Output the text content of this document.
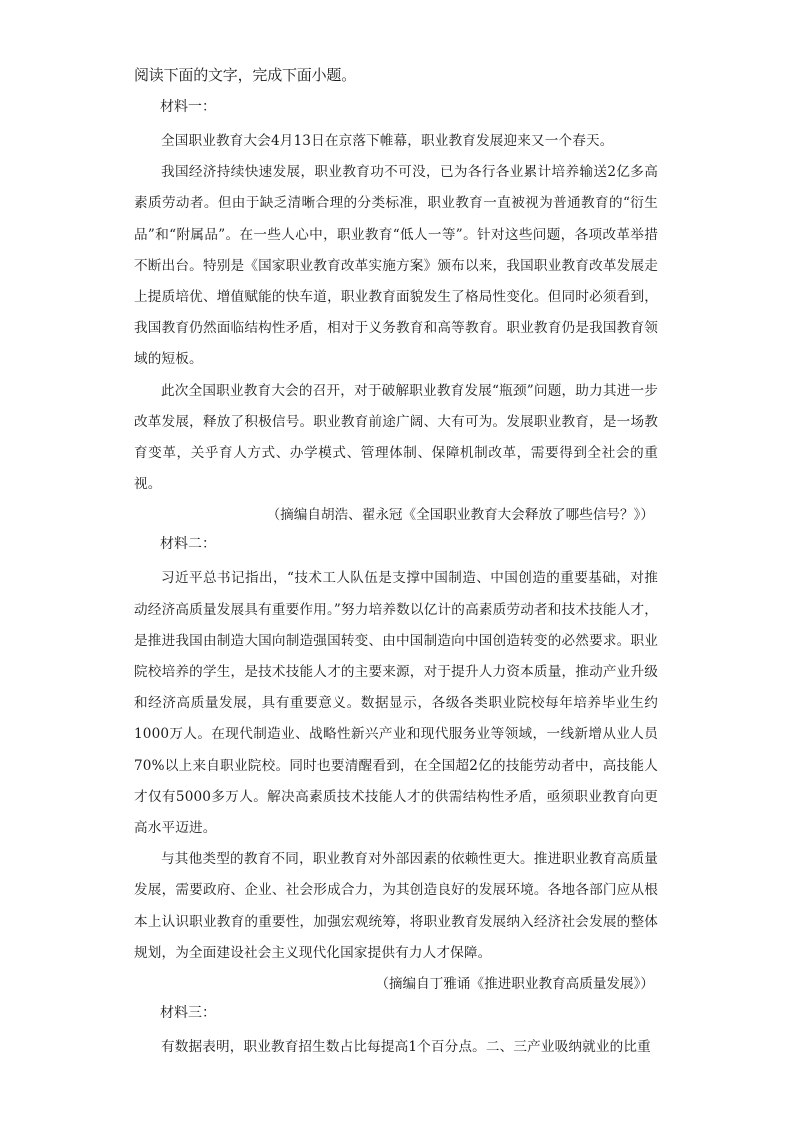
阅读下面的文字，完成下面小题。
材料一：

全国职业教育大会4月13日在京落下帷幕，职业教育发展迎来又一个春天。

我国经济持续快速发展，职业教育功不可没，已为各行各业累计培养输送2亿多高素质劳动者。但由于缺乏清晰合理的分类标准，职业教育一直被视为普通教育的“衍生品”和“附属品”。在一些人心中，职业教育“低人一等”。针对这些问题，各项改革举措不断出台。特别是《国家职业教育改革实施方案》颁布以来，我国职业教育改革发展走上提质培优、增值赋能的快车道，职业教育面貌发生了格局性变化。但同时必须看到，我国教育仍然面临结构性矛盾，相对于义务教育和高等教育。职业教育仍是我国教育领域的短板。

此次全国职业教育大会的召开，对于破解职业教育发展“瓶颈”问题，助力其进一步改革发展，释放了积极信号。职业教育前途广阔、大有可为。发展职业教育，是一场教育变革，关乎育人方式、办学模式、管理体制、保障机制改革，需要得到全社会的重视。

（摘编自胡浩、翟永冠《全国职业教育大会释放了哪些信号？》）
材料二：

习近平总书记指出，“技术工人队伍是支撑中国制造、中国创造的重要基础，对推动经济高质量发展具有重要作用。”努力培养数以亿计的高素质劳动者和技术技能人才，是推进我国由制造大国向制造强国转变、由中国制造向中国创造转变的必然要求。职业院校培养的学生，是技术技能人才的主要来源，对于提升人力资本质量，推动产业升级和经济高质量发展，具有重要意义。数据显示，各级各类职业院校每年培养毕业生约1000万人。在现代制造业、战略性新兴产业和现代服务业等领域，一线新增从业人员70%以上来自职业院校。同时也要清醒看到，在全国超2亿的技能劳动者中，高技能人才仅有5000多万人。解决高素质技术技能人才的供需结构性矛盾，亟须职业教育向更高水平迈进。

与其他类型的教育不同，职业教育对外部因素的依赖性更大。推进职业教育高质量发展，需要政府、企业、社会形成合力，为其创造良好的发展环境。各地各部门应从根本上认识职业教育的重要性，加强宏观统筹，将职业教育发展纳入经济社会发展的整体规划，为全面建设社会主义现代化国家提供有力人才保障。

（摘编自丁雅诵《推进职业教育高质量发展》）
材料三：

有数据表明，职业教育招生数占比每提高1个百分点。二、三产业吸纳就业的比重
